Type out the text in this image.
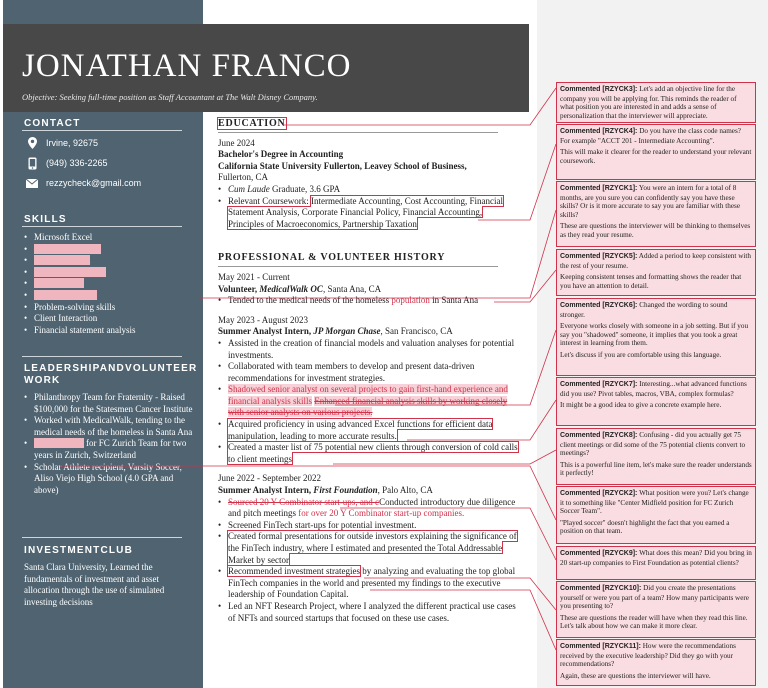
JONATHAN FRANCO
Objective: Seeking full-time position as Staff Accountant at The Walt Disney Company.
CONTACT
Irvine, 92675
(949) 336-2265
rezzycheck@gmail.com
SKILLS
• Microsoft Excel
• Financial Analysis
• Detail-Oriented
• Team Collaboration
• Data Analysis
•
• Problem-solving skills
• Client Interaction
• Financial statement analysis
LEADERSHIPANDVOLUNTEER WORK
• Philanthropy Team for Fraternity - Raised $100,000 for the Statesmen Cancer Institute
• Worked with MedicalWalk, tending to the medical needs of the homeless in Santa Ana
• Played soccer for FC Zurich Team for two years in Zurich, Switzerland
• Scholar Athlete recipient, Varsity Soccer, Aliso Viejo High School (4.0 GPA and above)
INVESTMENTCLUB
Santa Clara University, Learned the fundamentals of investment and asset allocation through the use of simulated investing decisions
EDUCATION
June 2024
Bachelor's Degree in Accounting
California State University Fullerton, Leavey School of Business,
Fullerton, CA
• Cum Laude Graduate, 3.6 GPA
• Relevant Coursework: Intermediate Accounting, Cost Accounting, Financial Statement Analysis, Corporate Financial Policy, Financial Accounting, Principles of Macroeconomics, Partnership Taxation
PROFESSIONAL & VOLUNTEER HISTORY
May 2021 - Current
Volunteer, MedicalWalk OC, Santa Ana, CA
• Tended to the medical needs of the homeless population in Santa Ana
May 2023 - August 2023
Summer Analyst Intern, JP Morgan Chase, San Francisco, CA
• Assisted in the creation of financial models and valuation analyses for potential investments.
• Collaborated with team members to develop and present data-driven recommendations for investment strategies.
• Shadowed senior analyst on several projects to gain first-hand experience and financial analysis skills Enhanced financial analysis skills by working closely with senior analysts on various projects.
• Acquired proficiency in using advanced Excel functions for efficient data manipulation, leading to more accurate results.
• Created a master list of 75 potential new clients through conversion of cold calls to client meetings
June 2022 - September 2022
Summer Analyst Intern, First Foundation, Palo Alto, CA
• Sourced 20 Y Combinator start-ups, and cConducted introductory due diligence and pitch meetings for over 20 Y Combinator start-up companies.
• Screened FinTech start-ups for potential investment.
• Created formal presentations for outside investors explaining the significance of the FinTech industry, where I estimated and presented the Total Addressable Market by sector
• Recommended investment strategies by analyzing and evaluating the top global FinTech companies in the world and presented my findings to the executive leadership of Foundation Capital.
• Led an NFT Research Project, where I analyzed the different practical use cases of NFTs and sourced startups that focused on these use cases.

Commented [RZYCK3]: Let's add an objective line for the company you will be applying for. This reminds the reader of what position you are interested in and adds a sense of personalization that the interviewer will appreciate.

Commented [RZYCK4]: Do you have the class code names? For example "ACCT 201 - Intermediate Accounting".

This will make it clearer for the reader to understand your relevant coursework.

Commented [RZYCK1]: You were an intern for a total of 8 months, are you sure you can confidently say you have these skills? Or is it more accurate to say you are familiar with these skills?

These are questions the interviewer will be thinking to themselves as they read your resume.

Commented [RZYCK5]: Added a period to keep consistent with the rest of your resume.

Keeping consistent tenses and formatting shows the reader that you have an attention to detail.

Commented [RZYCK6]: Changed the wording to sound stronger.

Everyone works closely with someone in a job setting. But if you say you "shadowed" someone, it implies that you took a great interest in learning from them.

Let's discuss if you are comfortable using this language.

Commented [RZYCK7]: Interesting...what advanced functions did you use? Pivot tables, macros, VBA, complex formulas?

It might be a good idea to give a concrete example here.

Commented [RZYCK8]: Confusing - did you actually get 75 client meetings or did some of the 75 potential clients convert to meetings?

This is a powerful line item, let's make sure the reader understands it perfectly!

Commented [RZYCK2]: What position were you? Let's change it to something like "Center Midfield position for FC Zurich Soccer Team".

"Played soccer" doesn't highlight the fact that you earned a position on that team.

Commented [RZYCK9]: What does this mean? Did you bring in 20 start-up companies to First Foundation as potential clients?

Commented [RZYCK10]: Did you create the presentations yourself or were you part of a team? How many participants were you presenting to?

These are questions the reader will have when they read this line. Let's talk about how we can make it more clear.

Commented [RZYCK11]: How were the recommendations received by the executive leadership? Did they go with your recommendations?

Again, these are questions the interviewer will have.
